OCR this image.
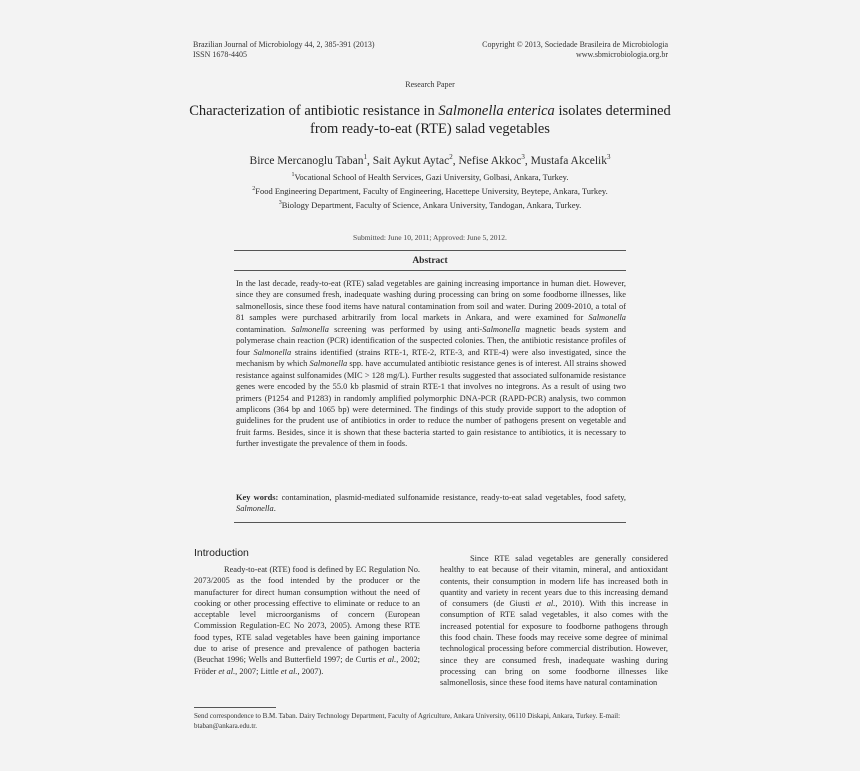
Brazilian Journal of Microbiology 44, 2, 385-391 (2013)
ISSN 1678-4405
Copyright © 2013, Sociedade Brasileira de Microbiologia
www.sbmicrobiologia.org.br
Research Paper
Characterization of antibiotic resistance in Salmonella enterica isolates determined
from ready-to-eat (RTE) salad vegetables
Birce Mercanoglu Taban$^1$, Sait Aykut Aytac$^2$, Nefise Akkoc$^3$, Mustafa Akcelik$^3$
$^1$Vocational School of Health Services, Gazi University, Golbasi, Ankara, Turkey.
$^2$Food Engineering Department, Faculty of Engineering, Hacettepe University, Beytepe, Ankara, Turkey.
$^3$Biology Department, Faculty of Science, Ankara University, Tandogan, Ankara, Turkey.
Submitted: June 10, 2011; Approved: June 5, 2012.
Abstract
In the last decade, ready-to-eat (RTE) salad vegetables are gaining increasing importance in human diet. However, since they are consumed fresh, inadequate washing during processing can bring on some foodborne illnesses, like salmonellosis, since these food items have natural contamination from soil and water. During 2009-2010, a total of 81 samples were purchased arbitrarily from local markets in Ankara, and were examined for Salmonella contamination. Salmonella screening was performed by using anti-Salmonella magnetic beads system and polymerase chain reaction (PCR) identification of the suspected colonies. Then, the antibiotic resistance profiles of four Salmonella strains identified (strains RTE-1, RTE-2, RTE-3, and RTE-4) were also investigated, since the mechanism by which Salmonella spp. have accumulated antibiotic resistance genes is of interest. All strains showed resistance against sulfonamides (MIC > 128 mg/L). Further results suggested that associated sulfonamide resistance genes were encoded by the 55.0 kb plasmid of strain RTE-1 that involves no integrons. As a result of using two primers (P1254 and P1283) in randomly amplified polymorphic DNA-PCR (RAPD-PCR) analysis, two common amplicons (364 bp and 1065 bp) were determined. The findings of this study provide support to the adoption of guidelines for the prudent use of antibiotics in order to reduce the number of pathogens present on vegetable and fruit farms. Besides, since it is shown that these bacteria started to gain resistance to antibiotics, it is necessary to further investigate the prevalence of them in foods.
Key words: contamination, plasmid-mediated sulfonamide resistance, ready-to-eat salad vegetables, food safety, Salmonella.
Introduction
Ready-to-eat (RTE) food is defined by EC Regulation No. 2073/2005 as the food intended by the producer or the manufacturer for direct human consumption without the need of cooking or other processing effective to eliminate or reduce to an acceptable level microorganisms of concern (European Commission Regulation-EC No 2073, 2005). Among these RTE food types, RTE salad vegetables have been gaining importance due to arise of presence and prevalence of pathogen bacteria (Beuchat 1996; Wells and Butterfield 1997; de Curtis et al., 2002; Fröder et al., 2007; Little et al., 2007).
Since RTE salad vegetables are generally considered healthy to eat because of their vitamin, mineral, and antioxidant contents, their consumption in modern life has increased both in quantity and variety in recent years due to this increasing demand of consumers (de Giusti et al., 2010). With this increase in consumption of RTE salad vegetables, it also comes with the increased potential for exposure to foodborne pathogens through this food chain. These foods may receive some degree of minimal technological processing before commercial distribution. However, since they are consumed fresh, inadequate washing during processing can bring on some foodborne illnesses like salmonellosis, since these food items have natural contamination
Send correspondence to B.M. Taban. Dairy Technology Department, Faculty of Agriculture, Ankara University, 06110 Diskapi, Ankara, Turkey. E-mail: btaban@ankara.edu.tr.
